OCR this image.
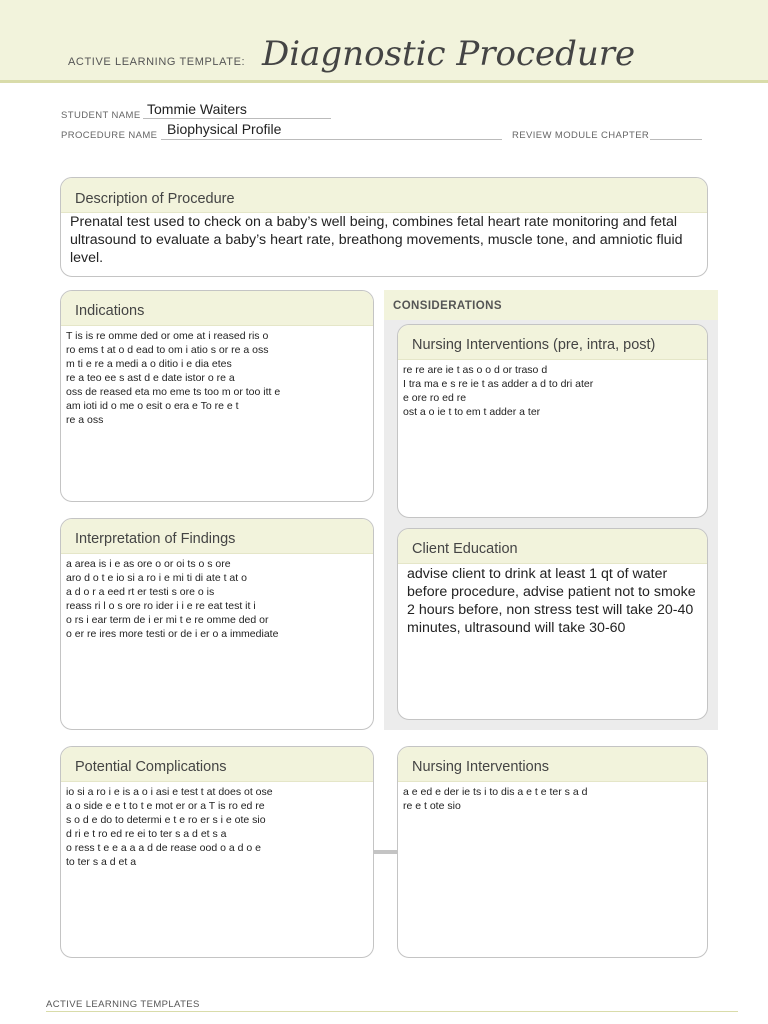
ACTIVE LEARNING TEMPLATE: Diagnostic Procedure
STUDENT NAME Tommie Waiters
PROCEDURE NAME Biophysical Profile	REVIEW MODULE CHAPTER
Description of Procedure
Prenatal test used to check on a baby’s well being, combines fetal heart rate monitoring and fetal ultrasound to evaluate a baby’s heart rate, breathong movements, muscle tone, and amniotic fluid level.
Indications
T is is re omme ded or ome at i reased ris o
ro ems t at o d ead to om i atio s or re a oss
m ti e re a medi a o ditio i e dia etes
re a teo ee s ast d e date istor o re a
oss de reased eta mo eme ts too m or too itt e
am ioti id o me o esit o era e To re e t
re a oss
Interpretation of Findings
a area is i e as ore o or oi ts o s ore
aro d o t e io si a ro i e mi ti di ate t at o
a d o r a eed rt er testi s ore o is
reass ri l o s ore ro ider i i e re eat test it i
o rs i ear term de i er mi t e re omme ded or
o er re ires more testi or de i er o a immediate
CONSIDERATIONS
Nursing Interventions (pre, intra, post)
re re are ie t as o o d or traso d
I tra ma e s re ie t as adder a d to dri ater
e ore ro ed re
ost a o ie t to em t adder a ter
Client Education
advise client to drink at least 1 qt of water before procedure, advise patient not to smoke 2 hours before, non stress test will take 20-40 minutes, ultrasound will take 30-60
Potential Complications
io si a ro i e is a o i asi e test t at does ot ose
a o side e e t to t e mot er or a T is ro ed re
s o d e do to determi e t e ro er s i e ote sio
d ri e t ro ed re ei to ter s a d et s a
o ress t e e a a a d de rease ood o a d o e
to ter s a d et a
Nursing Interventions
a e ed e der ie ts i to dis a e t e ter s a d
re e t ote sio
ACTIVE LEARNING TEMPLATES
